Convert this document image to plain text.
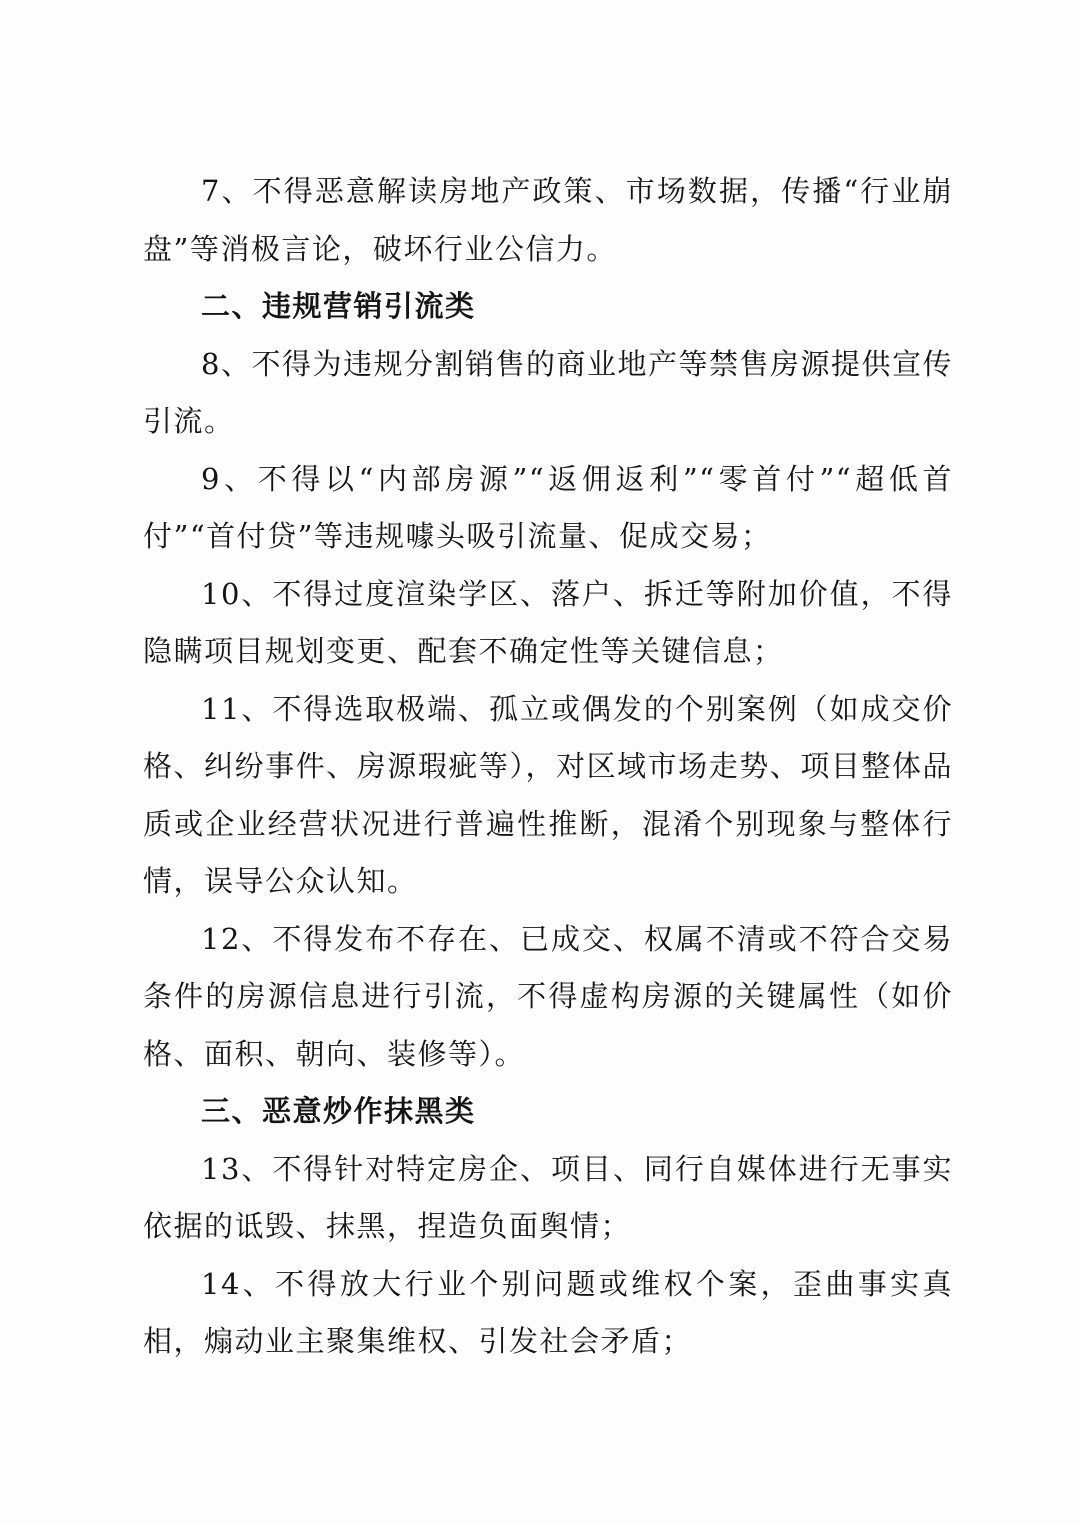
7、不得恶意解读房地产政策、市场数据，传播“行业崩盘”等消极言论，破坏行业公信力。

二、违规营销引流类

8、不得为违规分割销售的商业地产等禁售房源提供宣传引流。

9、不得以“内部房源”“返佣返利”“零首付”“超低首付”“首付贷”等违规噱头吸引流量、促成交易；

10、不得过度渲染学区、落户、拆迁等附加价值，不得隐瞒项目规划变更、配套不确定性等关键信息；

11、不得选取极端、孤立或偶发的个别案例（如成交价格、纠纷事件、房源瑕疵等），对区域市场走势、项目整体品质或企业经营状况进行普遍性推断，混淆个别现象与整体行情，误导公众认知。

12、不得发布不存在、已成交、权属不清或不符合交易条件的房源信息进行引流，不得虚构房源的关键属性（如价格、面积、朝向、装修等）。

三、恶意炒作抹黑类

13、不得针对特定房企、项目、同行自媒体进行无事实依据的诋毁、抹黑，捏造负面舆情；

14、不得放大行业个别问题或维权个案，歪曲事实真相，煽动业主聚集维权、引发社会矛盾；
